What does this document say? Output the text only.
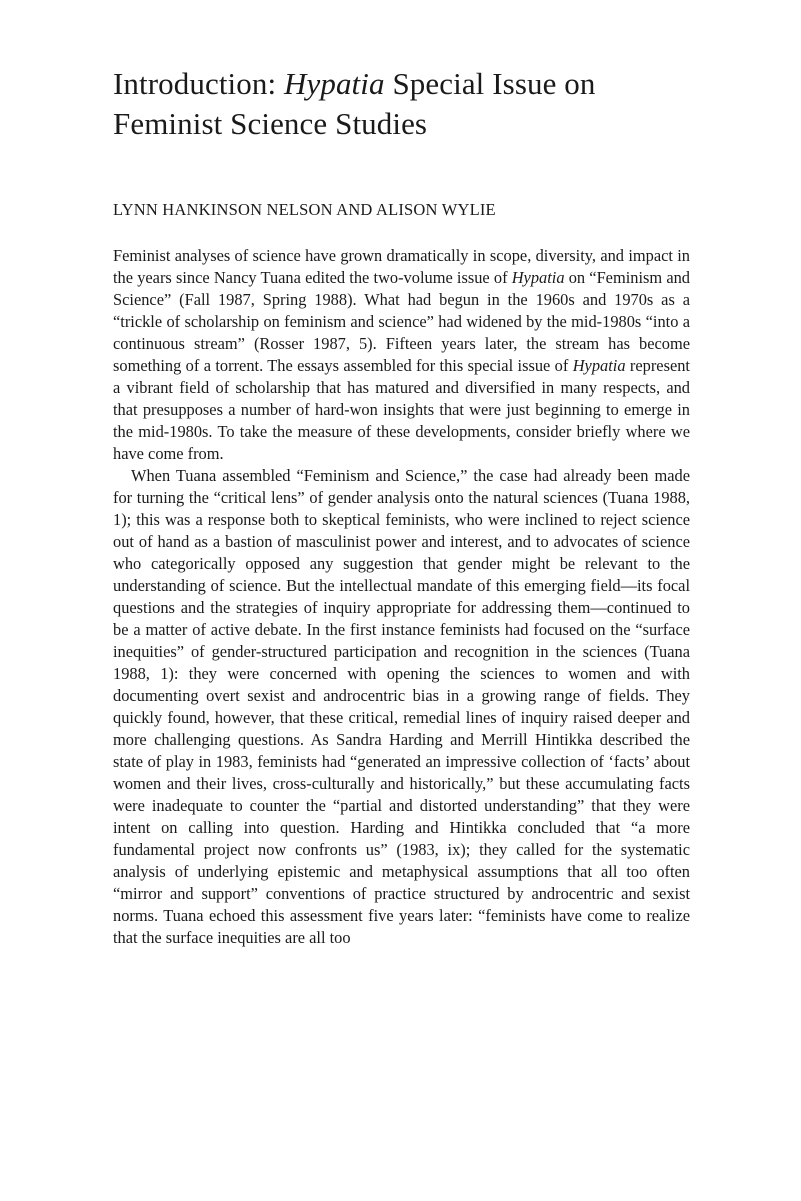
Introduction: Hypatia Special Issue on Feminist Science Studies
LYNN HANKINSON NELSON AND ALISON WYLIE

Feminist analyses of science have grown dramatically in scope, diversity, and impact in the years since Nancy Tuana edited the two-volume issue of Hypatia on “Feminism and Science” (Fall 1987, Spring 1988). What had begun in the 1960s and 1970s as a “trickle of scholarship on feminism and science” had widened by the mid-1980s “into a continuous stream” (Rosser 1987, 5). Fifteen years later, the stream has become something of a torrent. The essays assembled for this special issue of Hypatia represent a vibrant field of scholarship that has matured and diversified in many respects, and that presupposes a number of hard-won insights that were just beginning to emerge in the mid-1980s. To take the measure of these developments, consider briefly where we have come from.

When Tuana assembled “Feminism and Science,” the case had already been made for turning the “critical lens” of gender analysis onto the natural sciences (Tuana 1988, 1); this was a response both to skeptical feminists, who were inclined to reject science out of hand as a bastion of masculinist power and interest, and to advocates of science who categorically opposed any suggestion that gender might be relevant to the understanding of science. But the intellectual mandate of this emerging field—its focal questions and the strategies of inquiry appropriate for addressing them—continued to be a matter of active debate. In the first instance feminists had focused on the “surface inequities” of gender-structured participation and recognition in the sciences (Tuana 1988, 1): they were concerned with opening the sciences to women and with documenting overt sexist and androcentric bias in a growing range of fields. They quickly found, however, that these critical, remedial lines of inquiry raised deeper and more challenging questions. As Sandra Harding and Merrill Hintikka described the state of play in 1983, feminists had “generated an impressive collection of ‘facts’ about women and their lives, cross-culturally and historically,” but these accumulating facts were inadequate to counter the “partial and distorted understanding” that they were intent on calling into question. Harding and Hintikka concluded that “a more fundamental project now confronts us” (1983, ix); they called for the systematic analysis of underlying epistemic and metaphysical assumptions that all too often “mirror and support” conventions of practice structured by androcentric and sexist norms. Tuana echoed this assessment five years later: “feminists have come to realize that the surface inequities are all too
